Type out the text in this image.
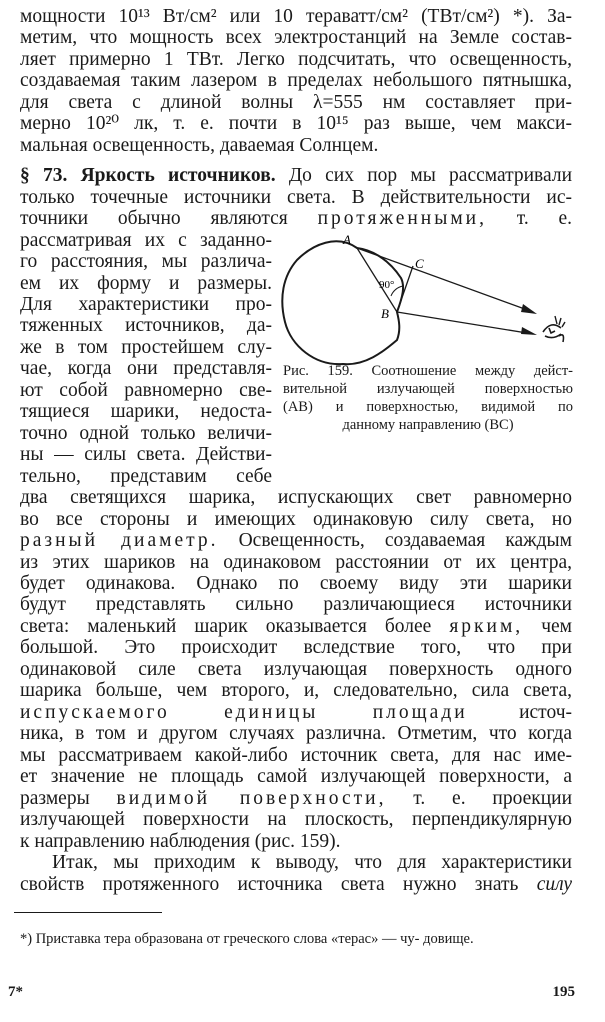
мощности 10¹³ Вт/см² или 10 тераватт/см² (ТВт/см²) *). За-
метим, что мощность всех электростанций на Земле состав-
ляет примерно 1 ТВт. Легко подсчитать, что освещенность,
создаваемая таким лазером в пределах небольшого пятнышка,
для света с длиной волны λ=555 нм составляет при-
мерно 10²⁰ лк, т. е. почти в 10¹⁵ раз выше, чем макси-
мальная освещенность, даваемая Солнцем.
§ 73. Яркость источников. До сих пор мы рассматривали
только точечные источники света. В действительности ис-
точники обычно являются протяженными, т. е.
рассматривая их с заданно-
го расстояния, мы различа-
ем их форму и размеры.
Для характеристики про-
тяженных источников, да-
же в том простейшем слу-
чае, когда они представля-
ют собой равномерно све-
тящиеся шарики, недоста-
точно одной только величи-
ны — силы света. Действи-
тельно, представим себе
A
C
B
90°
Рис. 159. Соотношение между дейст-
вительной излучающей поверхностью
(AB) и поверхностью, видимой по
данному направлению (BC)
два светящихся шарика, испускающих свет равномерно
во все стороны и имеющих одинаковую силу света, но
разный диаметр. Освещенность, создаваемая каждым
из этих шариков на одинаковом расстоянии от их центра,
будет одинакова. Однако по своему виду эти шарики
будут представлять сильно различающиеся источники
света: маленький шарик оказывается более ярким, чем
большой. Это происходит вследствие того, что при
одинаковой силе света излучающая поверхность одного
шарика больше, чем второго, и, следовательно, сила света,
испускаемого единицы площади	источ-
ника, в том и другом случаях различна. Отметим, что когда
мы рассматриваем какой-либо источник света, для нас име-
ет значение не площадь самой излучающей поверхности, а
размеры видимой поверхности, т. е. проекции
излучающей поверхности на плоскость, перпендикулярную
к направлению наблюдения (рис. 159).
Итак, мы приходим к выводу, что для характеристики
свойств протяженного источника света нужно знать силу
*) Приставка тера образована от греческого слова «терас» — чу- довище.
7*	195
